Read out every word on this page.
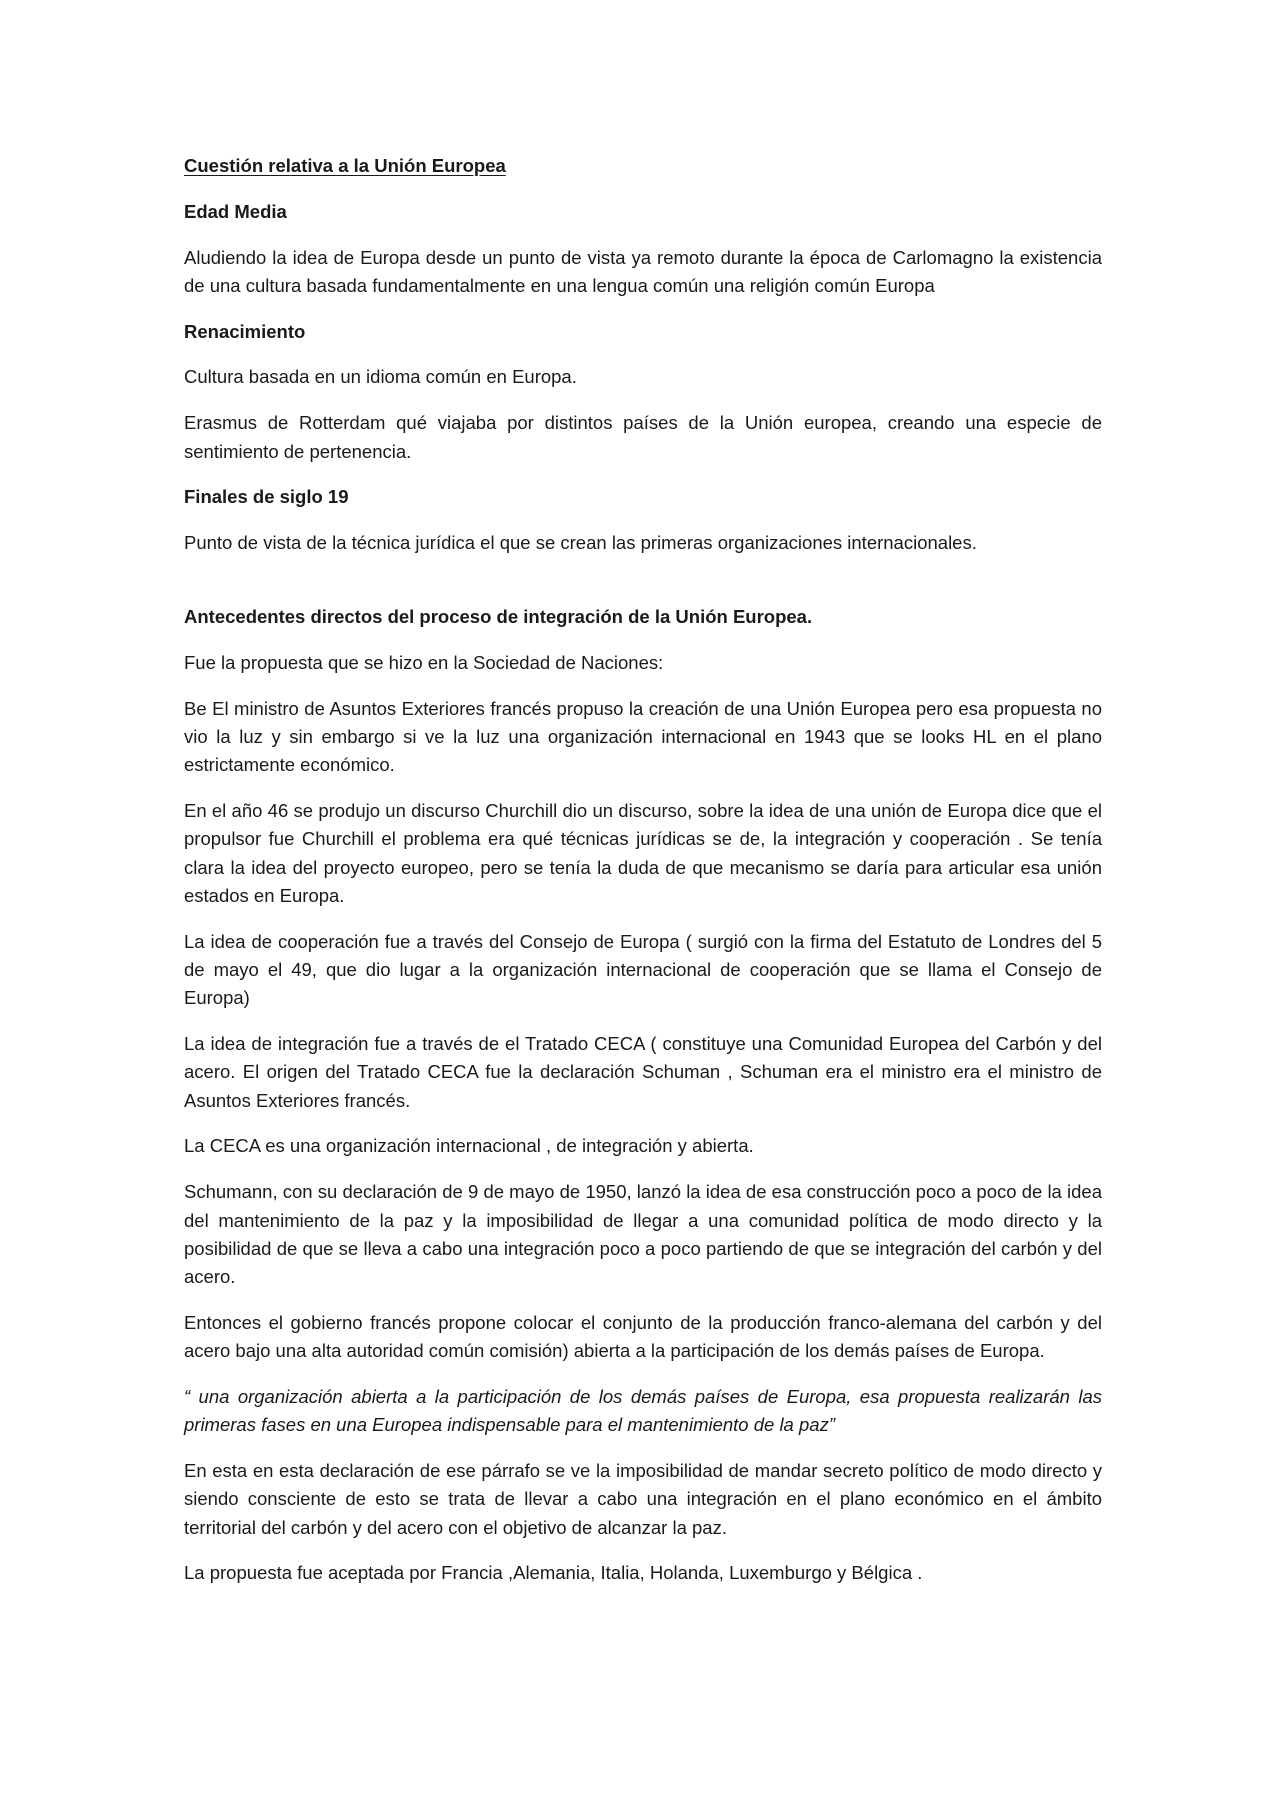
Cuestión relativa a la Unión Europea

Edad Media

Aludiendo la idea de Europa desde un punto de vista ya remoto durante la época de Carlomagno la existencia de una cultura basada fundamentalmente en una lengua común una religión común Europa

Renacimiento

Cultura basada en un idioma común en Europa.

Erasmus de Rotterdam qué viajaba por distintos países de la Unión europea, creando una especie de sentimiento de pertenencia.

Finales de siglo 19

Punto de vista de la técnica jurídica el que se crean las primeras organizaciones internacionales.

Antecedentes directos del proceso de integración de la Unión Europea.

Fue la propuesta que se hizo en la Sociedad de Naciones:

Be El ministro de Asuntos Exteriores francés propuso la creación de una Unión Europea pero esa propuesta no vio la luz y sin embargo si ve la luz una organización internacional en 1943 que se looks HL en el plano estrictamente económico.

En el año 46 se produjo un discurso Churchill dio un discurso, sobre la idea de una unión de Europa dice que el propulsor fue Churchill el problema era qué técnicas jurídicas se de, la integración y cooperación . Se tenía clara la idea del proyecto europeo, pero se tenía la duda de que mecanismo se daría para articular esa unión estados en Europa.

La idea de cooperación fue a través del Consejo de Europa ( surgió con la firma del Estatuto de Londres del 5 de mayo el 49, que dio lugar a la organización internacional de cooperación que se llama el Consejo de Europa)

La idea de integración fue a través de el Tratado CECA ( constituye una Comunidad Europea del Carbón y del acero. El origen del Tratado CECA fue la declaración Schuman , Schuman era el ministro era el ministro de Asuntos Exteriores francés.

La CECA es una organización internacional , de integración y abierta.

Schumann, con su declaración de 9 de mayo de 1950, lanzó la idea de esa construcción poco a poco de la idea del mantenimiento de la paz y la imposibilidad de llegar a una comunidad política de modo directo y la posibilidad de que se lleva a cabo una integración poco a poco partiendo de que se integración del carbón y del acero.

Entonces el gobierno francés propone colocar el conjunto de la producción franco-alemana del carbón y del acero bajo una alta autoridad común comisión) abierta a la participación de los demás países de Europa.

“ una organización abierta a la participación de los demás países de Europa, esa propuesta realizarán las primeras fases en una Europea indispensable para el mantenimiento de la paz”

En esta en esta declaración de ese párrafo se ve la imposibilidad de mandar secreto político de modo directo y siendo consciente de esto se trata de llevar a cabo una integración en el plano económico en el ámbito territorial del carbón y del acero con el objetivo de alcanzar la paz.

La propuesta fue aceptada por Francia ,Alemania, Italia, Holanda, Luxemburgo y Bélgica .
